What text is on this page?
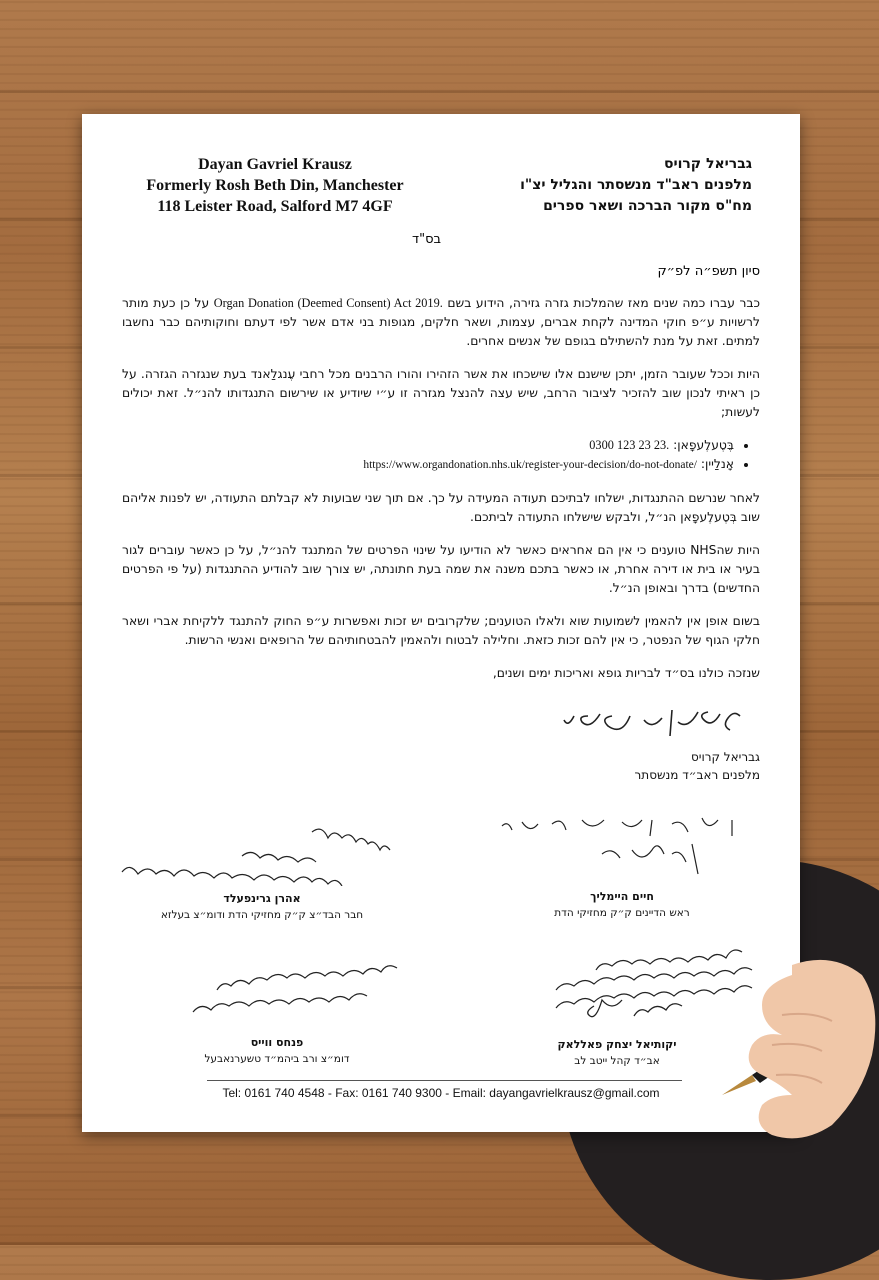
Dayan Gavriel Krausz
Formerly Rosh Beth Din, Manchester
118 Leister Road, Salford M7 4GF
גבריאל קרויס
מלפנים ראב"ד מנשסתר והגליל יצ"ו
מח"ס מקור הברכה ושאר ספרים
בס"ד
סיון תשפ״ה לפ״ק

כבר עברו כמה שנים מאז שהמלכות גזרה גזירה, הידוע בשם Organ Donation (Deemed Consent) Act 2019. על כן כעת מותר לרשויות ע״פ חוקי המדינה לקחת אברים, עצמות, ושאר חלקים, מגופות בני אדם אשר לפי דעתם וחוקותיהם כבר נחשבו למתים. זאת על מנת להשתילם בגופם של אנשים אחרים.

היות וככל שעובר הזמן, יתכן שישנם אלו שישכחו את אשר הזהירו והורו הרבנים מכל רחבי עֶנגלַאנד בעת שנגזרה הגזרה. על כן ראיתי לנכון שוב להזכיר לציבור הרחב, שיש עצה להנצל מגזרה זו ע״י שיודיע או שירשום התנגדותו להנ״ל. זאת יכולים לעשות;

• בֶּטֶעלֶעפָאן: 0300 123 23 23.
• אָנלַיין: https://www.organdonation.nhs.uk/register-your-decision/do-not-donate/

לאחר שנרשם ההתנגדות, ישלחו לבתיכם תעודה המעידה על כך. אם תוך שני שבועות לא קבלתם התעודה, יש לפנות אליהם שוב בְּטֶעלֶעפָאן הנ״ל, ולבקש שישלחו התעודה לביתכם.

היות שהNHS טוענים כי אין הם אחראים כאשר לא הודיעו על שינוי הפרטים של המתנגד להנ״ל, על כן כאשר עוברים לגור בעיר או בית או דירה אחרת, או כאשר בתכם משנה את שמה בעת חתונתה, יש צורך שוב להודיע ההתנגדות (על פי הפרטים החדשים) בדרך ובאופן הנ״ל.

בשום אופן אין להאמין לשמועות שוא ולאלו הטוענים; שלקרובים יש זכות ואפשרות ע״פ החוק להתנגד ללקיחת אברי ושאר חלקי הגוף של הנפטר, כי אין להם זכות כזאת. וחלילה לבטוח ולהאמין להבטחותיהם של הרופאים ואנשי הרשות.

שנזכה כולנו בס״ד לבריות גופא ואריכות ימים ושנים,

גבריאל קרויס
מלפנים ראב״ד מנשסתר
חיים היימליך
ראש הדיינים ק״ק מחזיקי הדת
אהרן גרינפעלד
חבר הבד״צ ק״ק מחזיקי הדת ודומ״צ בעלזא
יקותיאל יצחק פאללאק
אב״ד קהל ייטב לב
פנחס ווייס
דומ״צ ורב ביהמ״ד טשערנאבעל
Tel: 0161 740 4548 - Fax: 0161 740 9300 - Email: dayangavrielkrausz@gmail.com
